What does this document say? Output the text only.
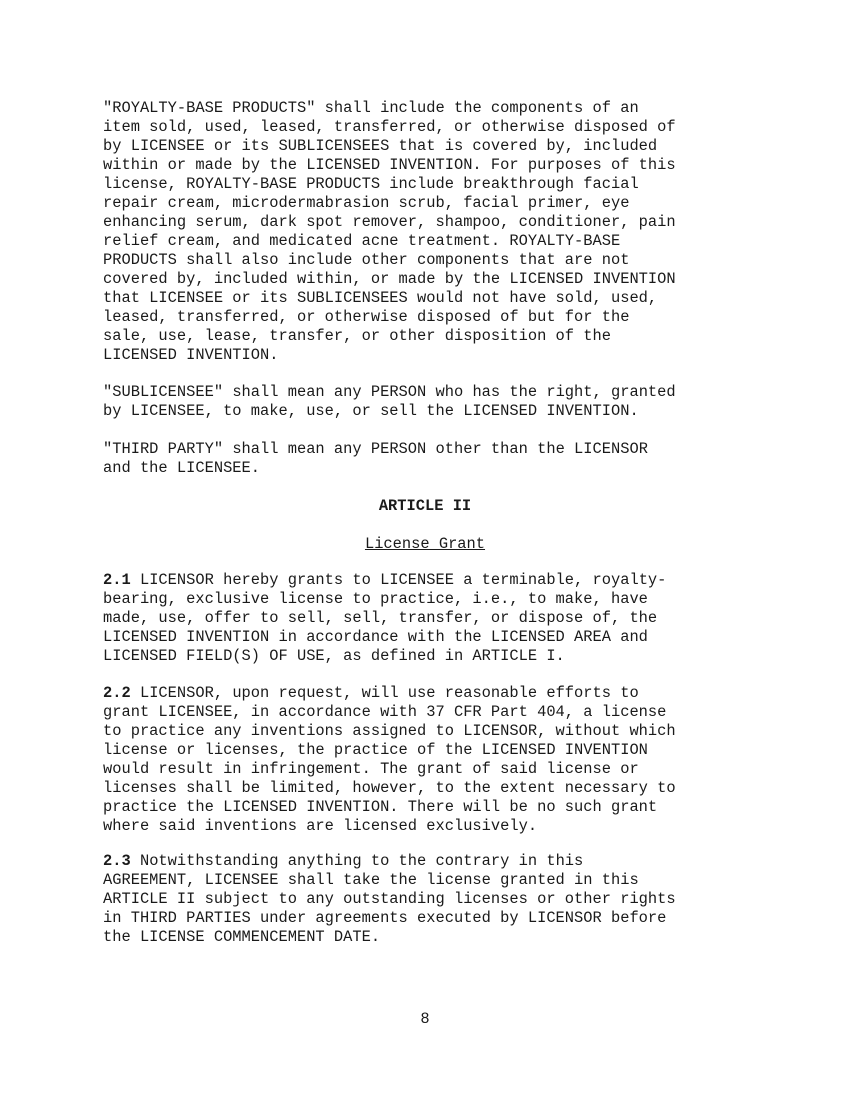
"ROYALTY-BASE PRODUCTS" shall include the components of an
item sold, used, leased, transferred, or otherwise disposed of
by LICENSEE or its SUBLICENSEES that is covered by, included
within or made by the LICENSED INVENTION. For purposes of this
license, ROYALTY-BASE PRODUCTS include breakthrough facial
repair cream, microdermabrasion scrub, facial primer, eye
enhancing serum, dark spot remover, shampoo, conditioner, pain
relief cream, and medicated acne treatment. ROYALTY-BASE
PRODUCTS shall also include other components that are not
covered by, included within, or made by the LICENSED INVENTION
that LICENSEE or its SUBLICENSEES would not have sold, used,
leased, transferred, or otherwise disposed of but for the
sale, use, lease, transfer, or other disposition of the
LICENSED INVENTION.

"SUBLICENSEE" shall mean any PERSON who has the right, granted
by LICENSEE, to make, use, or sell the LICENSED INVENTION.

"THIRD PARTY" shall mean any PERSON other than the LICENSOR
and the LICENSEE.

ARTICLE II

License Grant

2.1 LICENSOR hereby grants to LICENSEE a terminable, royalty-
bearing, exclusive license to practice, i.e., to make, have
made, use, offer to sell, sell, transfer, or dispose of, the
LICENSED INVENTION in accordance with the LICENSED AREA and
LICENSED FIELD(S) OF USE, as defined in ARTICLE I.

2.2 LICENSOR, upon request, will use reasonable efforts to
grant LICENSEE, in accordance with 37 CFR Part 404, a license
to practice any inventions assigned to LICENSOR, without which
license or licenses, the practice of the LICENSED INVENTION
would result in infringement. The grant of said license or
licenses shall be limited, however, to the extent necessary to
practice the LICENSED INVENTION. There will be no such grant
where said inventions are licensed exclusively.

2.3 Notwithstanding anything to the contrary in this
AGREEMENT, LICENSEE shall take the license granted in this
ARTICLE II subject to any outstanding licenses or other rights
in THIRD PARTIES under agreements executed by LICENSOR before
the LICENSE COMMENCEMENT DATE.

8
